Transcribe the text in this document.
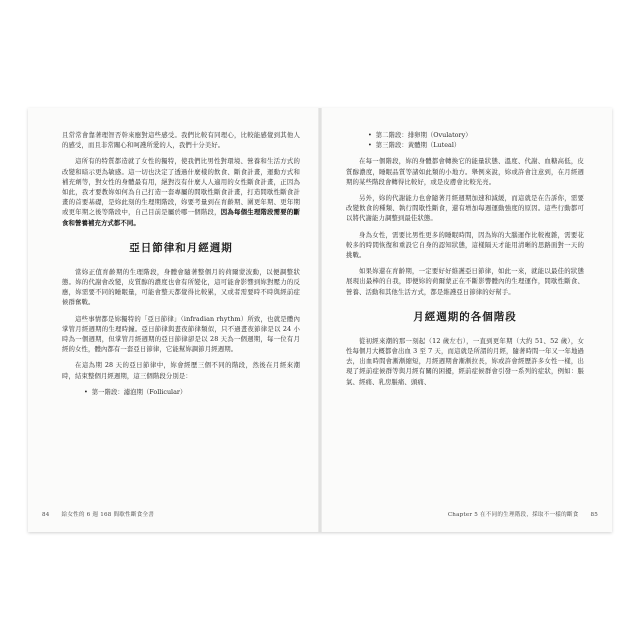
且常常會靠著理智否幹來應對這些感受。我們比較有同理心，比較能感覺到其他人的感受，而且非常關心和呵護所愛的人，我們十分美好。

這所有的特質都造就了女性的獨特，使我們比男性對環境、營養和生活方式的改變和暗示更為敏感。這一切也決定了透過什麼樣的飲食、斷食計畫，運動方式和補充劑等，對女性的身體最有用，絕對沒有什麼人人適用的女性斷食計畫，正因為如此，我才要教妳如何為自己打造一套專屬的間歇性斷食計畫，打造間歇性斷食計畫的首要基礎，是妳此刻的生理期階段，妳要考量到在育齡期、圍更年期、更年期或更年期之後等階段中，自己目前是屬於哪一個階段，因為每個生理階段需要的斷食和營養補充方式都不同。

亞日節律和月經週期

當妳正值育齡期的生理階段，身體會隨著整個月的荷爾蒙波動，以便調整狀態。妳的代謝會改變，皮質醇的濃度也會有所變化，這可能會影響到妳對壓力的反應，妳需要不同的睡眠量，可能會整天都覺得比較累，又或者需要時不時與經前症候群奮戰。

這些事情都是妳獨特的「亞日節律」（infradian rhythm）所致，也就是體內掌管月經週期的生理時鐘。亞日節律與晝夜節律類似，只不過晝夜節律是以 24 小時為一個週期，但掌管月經週期的亞日節律卻是以 28 天為一個週期，每一位有月經的女性，體內都有一套亞日節律，它能幫妳調節月經週期。

在這為期 28 天的亞日節律中，妳會經歷三個不同的階段，然後在月經來潮時，結束整個月經週期，這三個階段分別是：

• 第一階段：濾泡期（Follicular）
84 給女性的 6 週 168 間歇性斷食全書
• 第二階段：排卵期（Ovulatory）
• 第三階段：黃體期（Luteal）

在每一個階段，妳的身體都會轉換它的能量狀態、溫度、代謝、血糖高低，皮質醇濃度，睡眠品質等諸如此類的小地方。舉例來說，妳或許會注意到，在月經週期的某些階段會轉得比較好，或是皮膚會比較光亮。

另外，妳的代謝能力也會隨著月經週期加速和減緩，而這就是在告訴你，需要改變飲食的種類、執行間歇性斷食，還有增加每週運動強度的原因。這些行動都可以將代謝能力調整到最佳狀態。

身為女性，需要比男性更多的睡眠時間，因為妳的大腦運作比較複雜，需要花較多的時間恢復和重設它自身的認知狀態，這樣隔天才能用清晰的思路面對一天的挑戰。

如果妳還在育齡期，一定要好好維護亞日節律，如此一來，就能以最佳的狀態展現出最棒的自我，即便妳的荷爾蒙正在不斷影響體內的生理運作，間歇性斷食、營養、活動和其他生活方式，都是維護亞日節律的好幫手。

月經週期的各個階段

從初經來潮的那一刻起（12 歲左右），一直到更年期（大約 51、52 歲），女性每個月大概都會出血 3 至 7 天，而這就是所謂的月經，隨著時間一年又一年地過去，出血時間會漸漸縮短，月經週期會漸漸拉長，妳或許會經歷許多女性一樣，出現了經前症候群等與月經有關的困擾，經前症候群會引發一系列的症狀，例如：脹氣、經痛、乳房脹痛、頭痛、

Chapter 5 在不同的生理階段，採取不一樣的斷食 85
